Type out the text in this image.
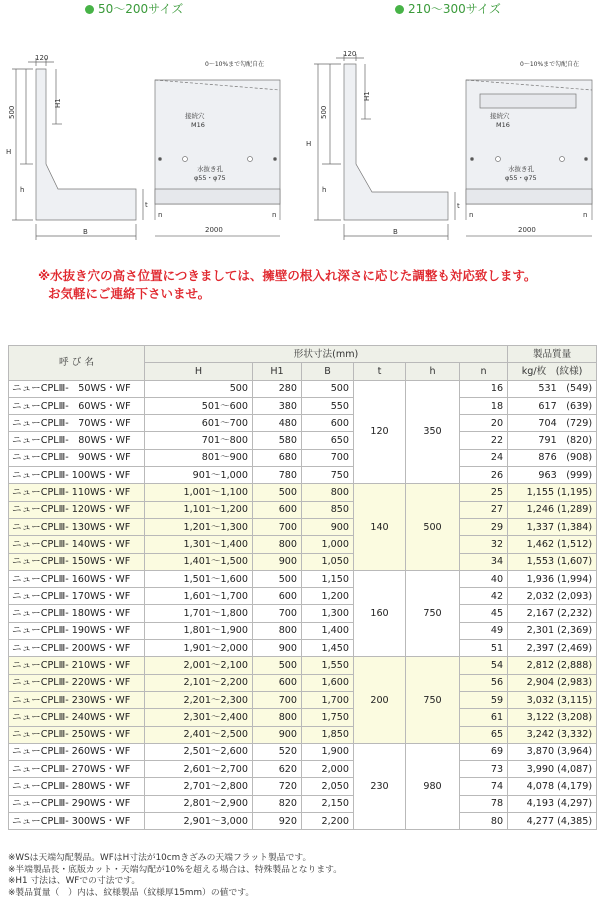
50～200サイズ	210～300サイズ
120
500
H1
H
h
t
B
0～10%まで勾配自在
接続穴
M16
水抜き孔
φ55・φ75
n	n
2000
120
500
H1
H
h
t
B
0～10%まで勾配自在
接続穴
M16
水抜き孔
φ55・φ75
n	n
2000
※水抜き穴の高さ位置につきましては、擁壁の根入れ深さに応じた調整も対応致します。
お気軽にご連絡下さいませ。
呼 び 名	形状寸法(mm)						製品質量
	H	H1	B	t	h	n	kg/枚　(紋様)
ニューCPLⅢ-　50WS・WF	500	280	500	120	350	16	531　(549)
ニューCPLⅢ-　60WS・WF	501～600	380	550			18	617　(639)
ニューCPLⅢ-　70WS・WF	601～700	480	600			20	704　(729)
ニューCPLⅢ-　80WS・WF	701～800	580	650			22	791　(820)
ニューCPLⅢ-　90WS・WF	801～900	680	700			24	876　(908)
ニューCPLⅢ- 100WS・WF	901～1,000	780	750			26	963　(999)
ニューCPLⅢ- 110WS・WF	1,001～1,100	500	800	140	500	25	1,155 (1,195)
ニューCPLⅢ- 120WS・WF	1,101～1,200	600	850			27	1,246 (1,289)
ニューCPLⅢ- 130WS・WF	1,201～1,300	700	900			29	1,337 (1,384)
ニューCPLⅢ- 140WS・WF	1,301～1,400	800	1,000			32	1,462 (1,512)
ニューCPLⅢ- 150WS・WF	1,401～1,500	900	1,050			34	1,553 (1,607)
ニューCPLⅢ- 160WS・WF	1,501～1,600	500	1,150	160	750	40	1,936 (1,994)
ニューCPLⅢ- 170WS・WF	1,601～1,700	600	1,200			42	2,032 (2,093)
ニューCPLⅢ- 180WS・WF	1,701～1,800	700	1,300			45	2,167 (2,232)
ニューCPLⅢ- 190WS・WF	1,801～1,900	800	1,400			49	2,301 (2,369)
ニューCPLⅢ- 200WS・WF	1,901～2,000	900	1,450			51	2,397 (2,469)
ニューCPLⅢ- 210WS・WF	2,001～2,100	500	1,550	200	750	54	2,812 (2,888)
ニューCPLⅢ- 220WS・WF	2,101～2,200	600	1,600			56	2,904 (2,983)
ニューCPLⅢ- 230WS・WF	2,201～2,300	700	1,700			59	3,032 (3,115)
ニューCPLⅢ- 240WS・WF	2,301～2,400	800	1,750			61	3,122 (3,208)
ニューCPLⅢ- 250WS・WF	2,401～2,500	900	1,850			65	3,242 (3,332)
ニューCPLⅢ- 260WS・WF	2,501～2,600	520	1,900	230	980	69	3,870 (3,964)
ニューCPLⅢ- 270WS・WF	2,601～2,700	620	2,000			73	3,990 (4,087)
ニューCPLⅢ- 280WS・WF	2,701～2,800	720	2,050			74	4,078 (4,179)
ニューCPLⅢ- 290WS・WF	2,801～2,900	820	2,150			78	4,193 (4,297)
ニューCPLⅢ- 300WS・WF	2,901～3,000	920	2,200			80	4,277 (4,385)
※WSは天端勾配製品。WFはH寸法が10cmきざみの天端フラット製品です。
※半端製品長・底版カット・天端勾配が10%を超える場合は、特殊製品となります。
※H1 寸法は、WFでの寸法です。
※製品質量（　）内は、紋様製品（紋様厚15mm）の値です。
